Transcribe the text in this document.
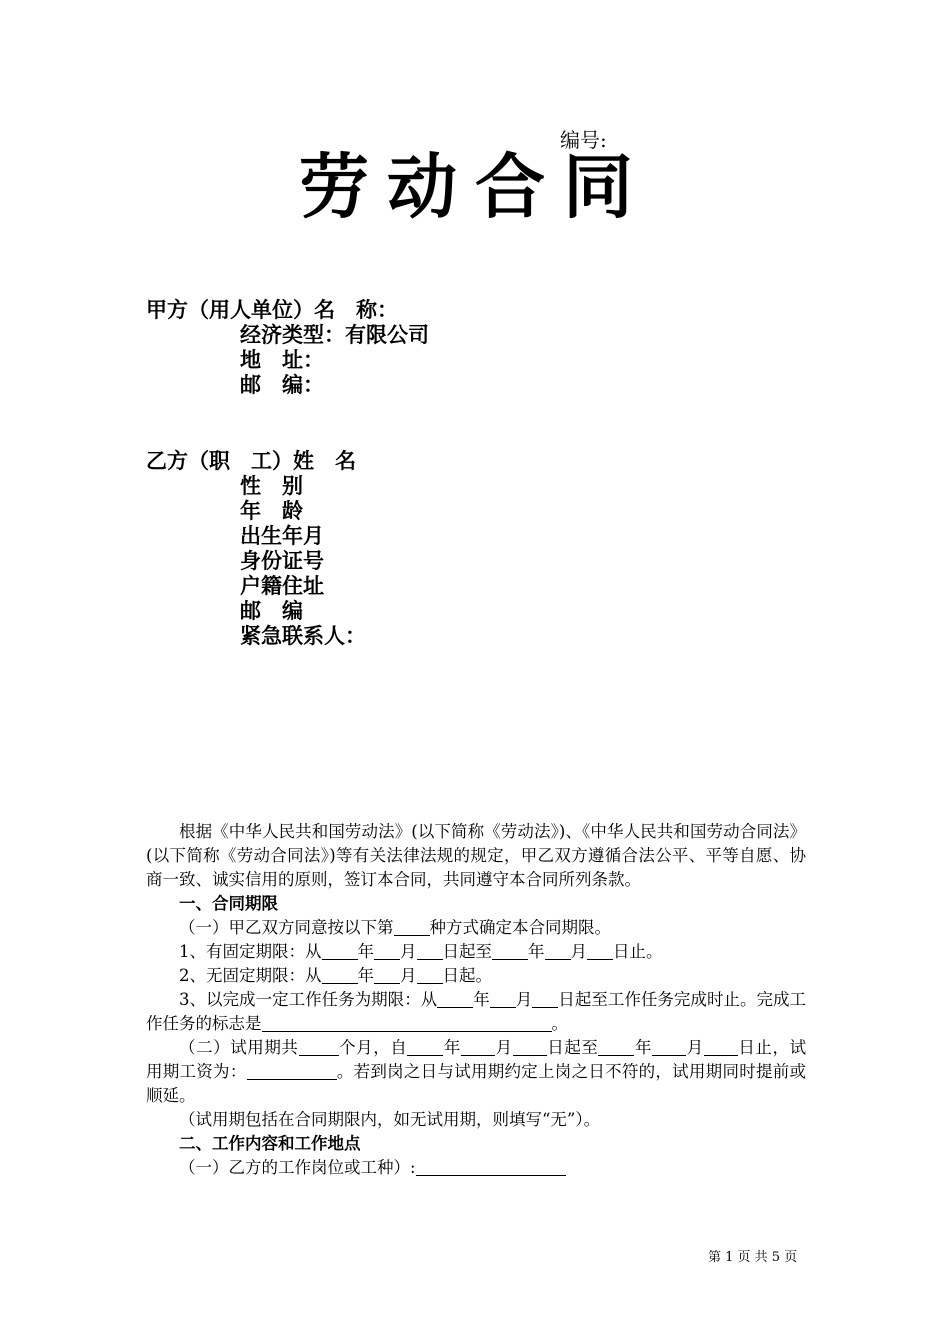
编号:
劳动合同
甲方（用人单位）名　称：
经济类型：有限公司
地　址：
邮　编：
乙方（职　工）姓　名
性　别
年　龄
出生年月
身份证号
户籍住址
邮　编
紧急联系人：

根据《中华人民共和国劳动法》(以下简称《劳动法》)、《中华人民共和国劳动合同法》(以下简称《劳动合同法》)等有关法律法规的规定，甲乙双方遵循合法公平、平等自愿、协商一致、诚实信用的原则，签订本合同，共同遵守本合同所列条款。

一、合同期限

（一）甲乙双方同意按以下第 种方式确定本合同期限。

1、有固定期限：从 年 月 日起至 年 月 日止。

2、无固定期限：从 年 月 日起。

3、以完成一定工作任务为期限：从 年 月 日起至工作任务完成时止。完成工作任务的标志是	。

（二）试用期共 个月，自 年 月 日起至 年 月 日止，试用期工资为：	。若到岗之日与试用期约定上岗之日不符的，试用期同时提前或顺延。

（试用期包括在合同期限内，如无试用期，则填写“无”）。

二、工作内容和工作地点

（一）乙方的工作岗位或工种）:

第 1 页 共 5 页
